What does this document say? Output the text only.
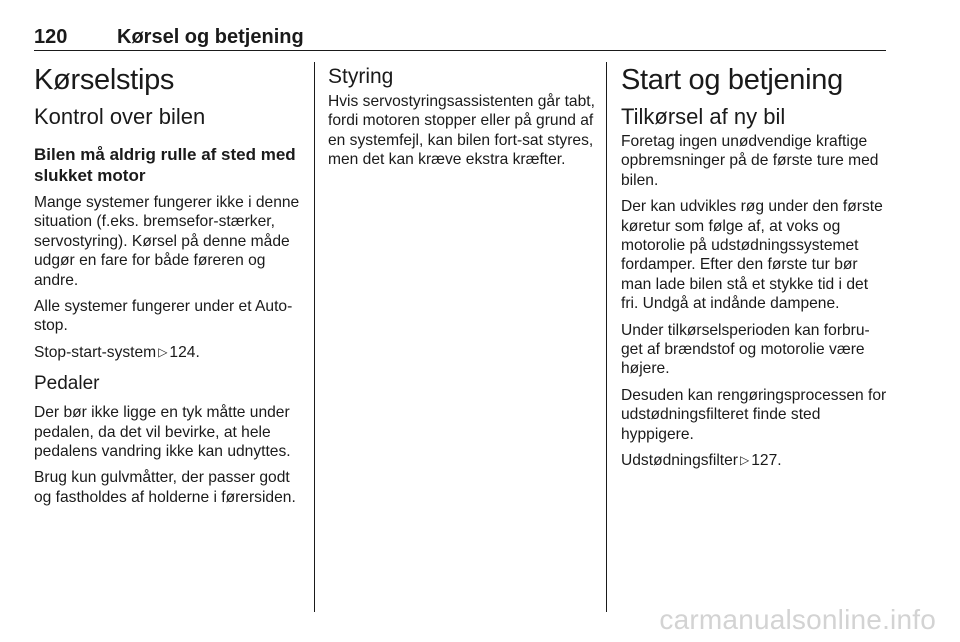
120 Kørsel og betjening
Kørselstips
Kontrol over bilen
Bilen må aldrig rulle af sted med slukket motor

Mange systemer fungerer ikke i denne situation (f.eks. bremsefor-stærker, servostyring). Kørsel på denne måde udgør en fare for både føreren og andre.

Alle systemer fungerer under et Auto-stop.

Stop-start-system ▷ 124.

Pedaler

Der bør ikke ligge en tyk måtte under pedalen, da det vil bevirke, at hele pedalens vandring ikke kan udnyttes.

Brug kun gulvmåtter, der passer godt og fastholdes af holderne i førersiden.

Styring

Hvis servostyringsassistenten går tabt, fordi motoren stopper eller på grund af en systemfejl, kan bilen fort-sat styres, men det kan kræve ekstra kræfter.

Start og betjening
Tilkørsel af ny bil

Foretag ingen unødvendige kraftige opbremsninger på de første ture med bilen.

Der kan udvikles røg under den første køretur som følge af, at voks og motorolie på udstødningssystemet fordamper. Efter den første tur bør man lade bilen stå et stykke tid i det fri. Undgå at indånde dampene.

Under tilkørselsperioden kan forbru-get af brændstof og motorolie være højere.

Desuden kan rengøringsprocessen for udstødningsfilteret finde sted hyppigere.

Udstødningsfilter ▷ 127.

carmanualsonline.info
